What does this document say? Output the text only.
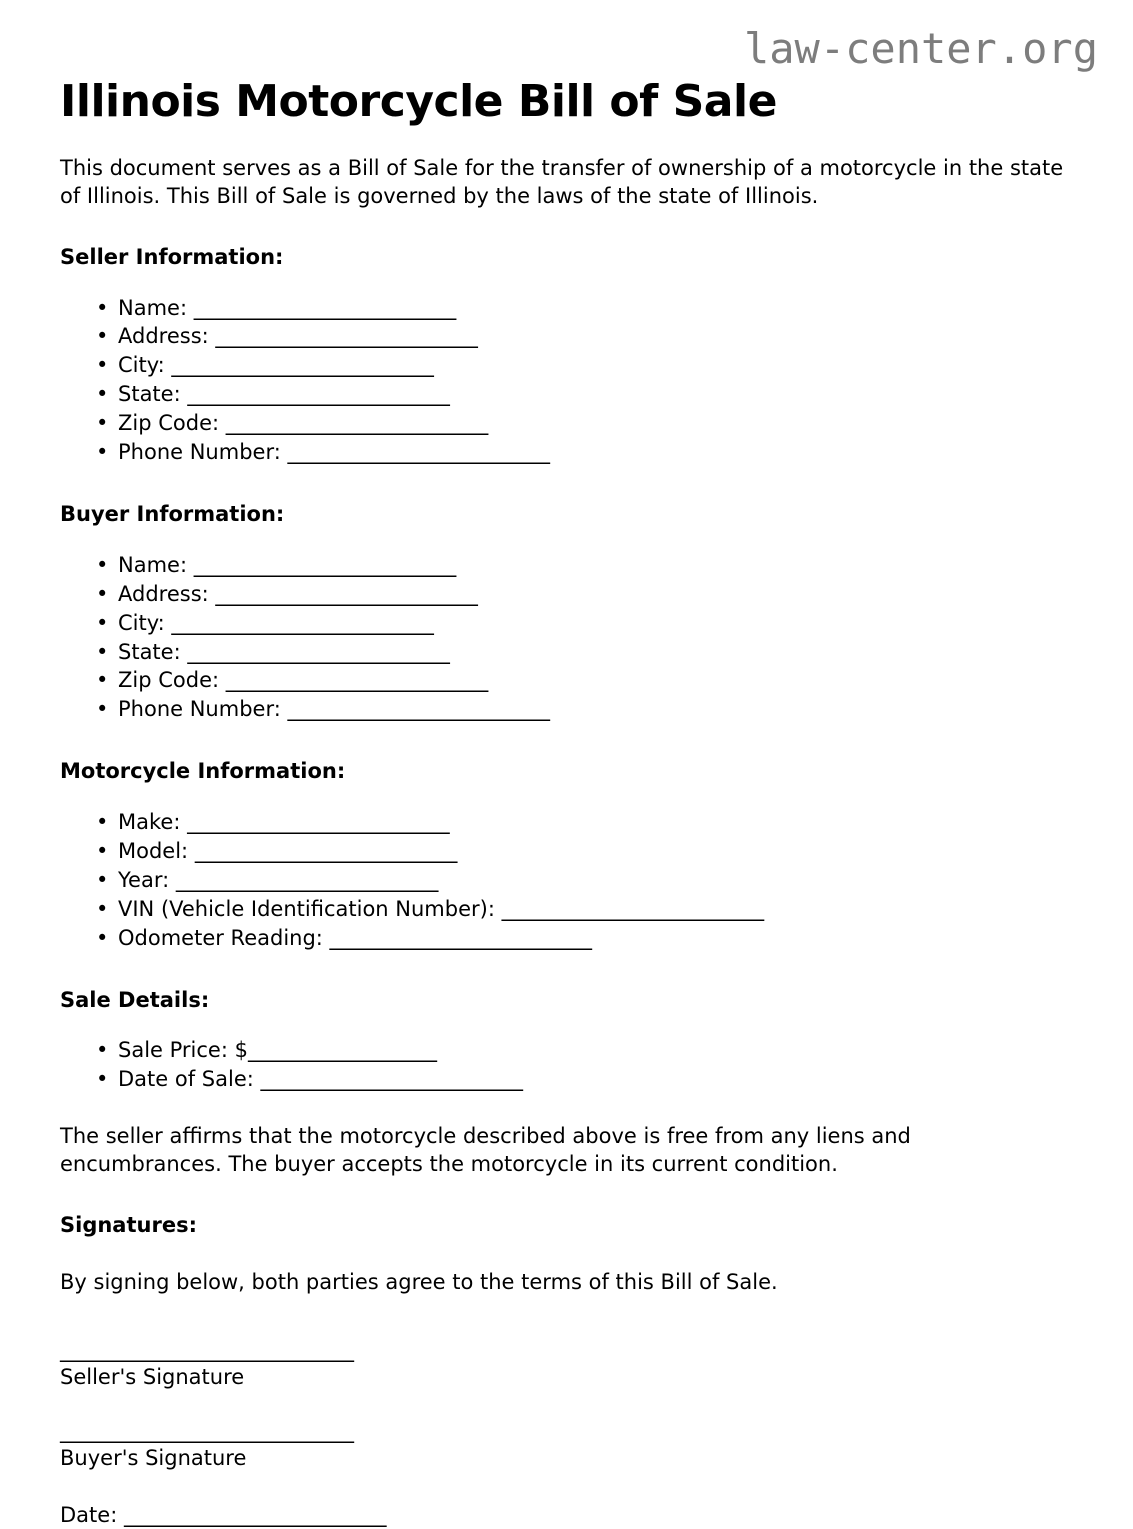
law-center.org
Illinois Motorcycle Bill of Sale

This document serves as a Bill of Sale for the transfer of ownership of a motorcycle in the state of Illinois. This Bill of Sale is governed by the laws of the state of Illinois.

Seller Information:
• Name: _________________________
• Address: _________________________
• City: _________________________
• State: _________________________
• Zip Code: _________________________
• Phone Number: _________________________
Buyer Information:
• Name: _________________________
• Address: _________________________
• City: _________________________
• State: _________________________
• Zip Code: _________________________
• Phone Number: _________________________
Motorcycle Information:
• Make: _________________________
• Model: _________________________
• Year: _________________________
• VIN (Vehicle Identification Number): _________________________
• Odometer Reading: _________________________
Sale Details:
• Sale Price: $__________________
• Date of Sale: _________________________

The seller affirms that the motorcycle described above is free from any liens and encumbrances. The buyer accepts the motorcycle in its current condition.

Signatures:

By signing below, both parties agree to the terms of this Bill of Sale.

____________________________
Seller's Signature
____________________________
Buyer's Signature
Date: _________________________
